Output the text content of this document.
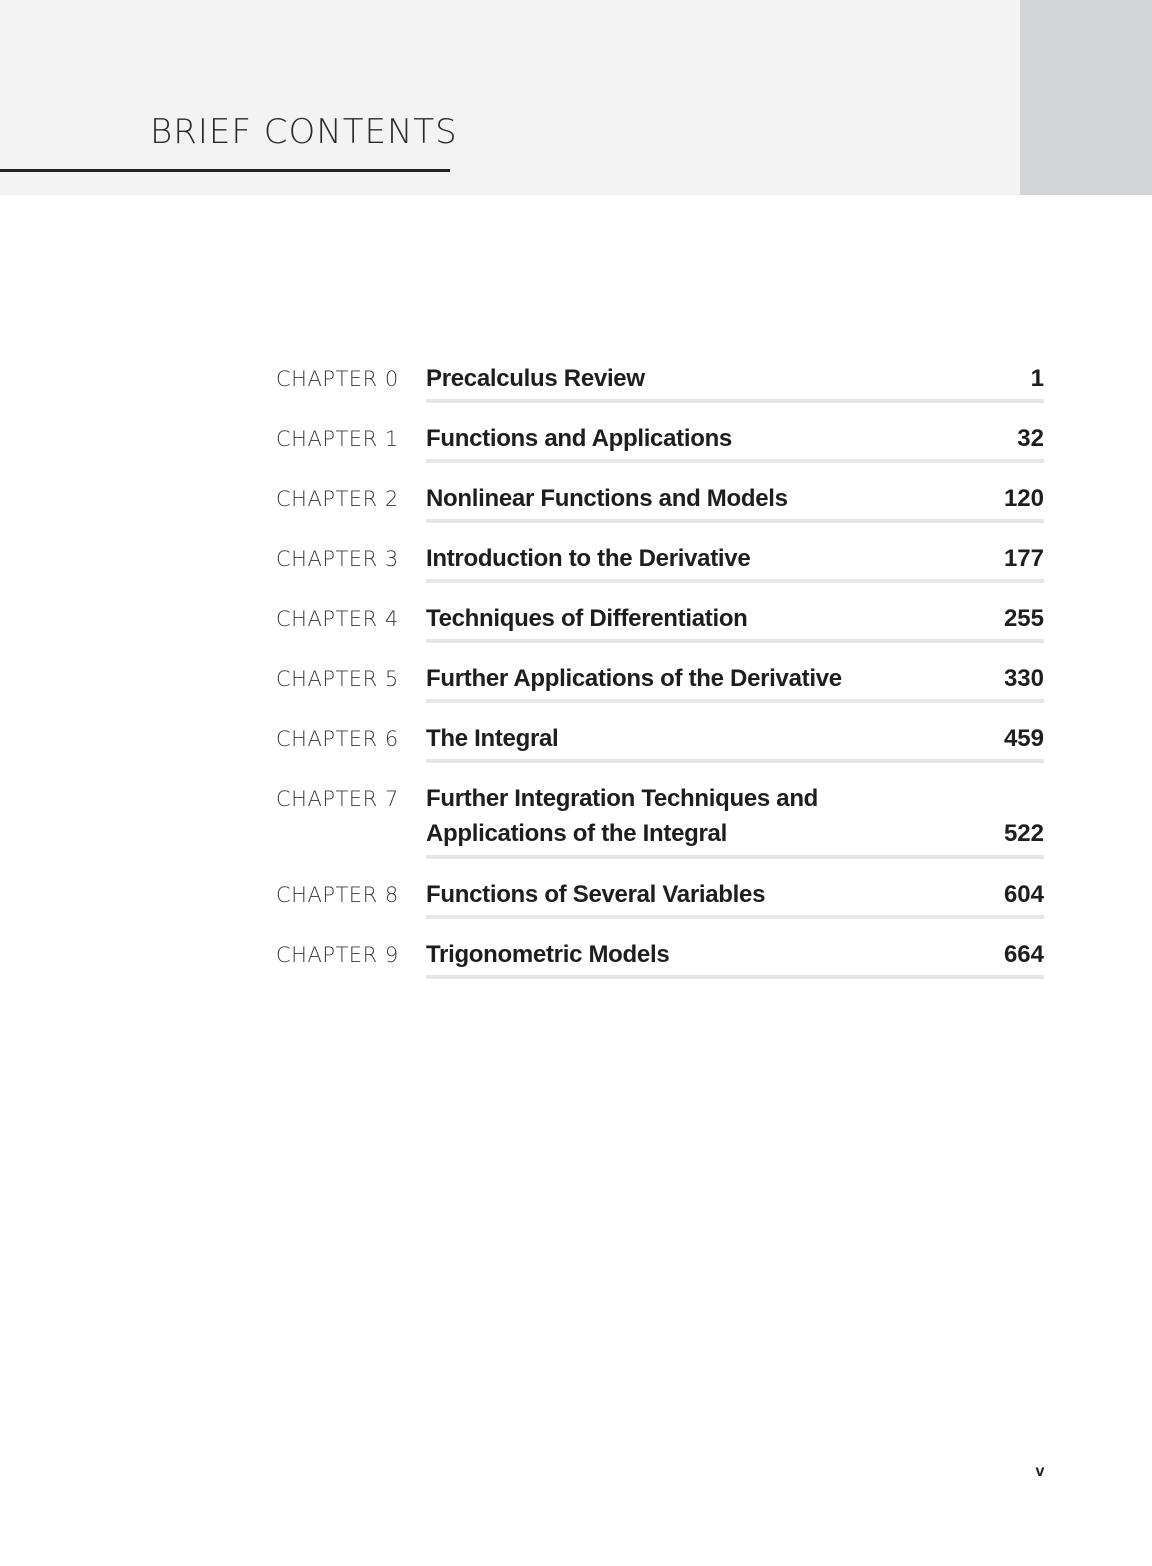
BRIEF CONTENTS
CHAPTER 0 Precalculus Review	1
CHAPTER 1 Functions and Applications	32
CHAPTER 2 Nonlinear Functions and Models	120
CHAPTER 3 Introduction to the Derivative	177
CHAPTER 4 Techniques of Differentiation	255
CHAPTER 5 Further Applications of the Derivative	330
CHAPTER 6 The Integral	459
CHAPTER 7 Further Integration Techniques and
Applications of the Integral	522
CHAPTER 8 Functions of Several Variables	604
CHAPTER 9 Trigonometric Models	664
v
